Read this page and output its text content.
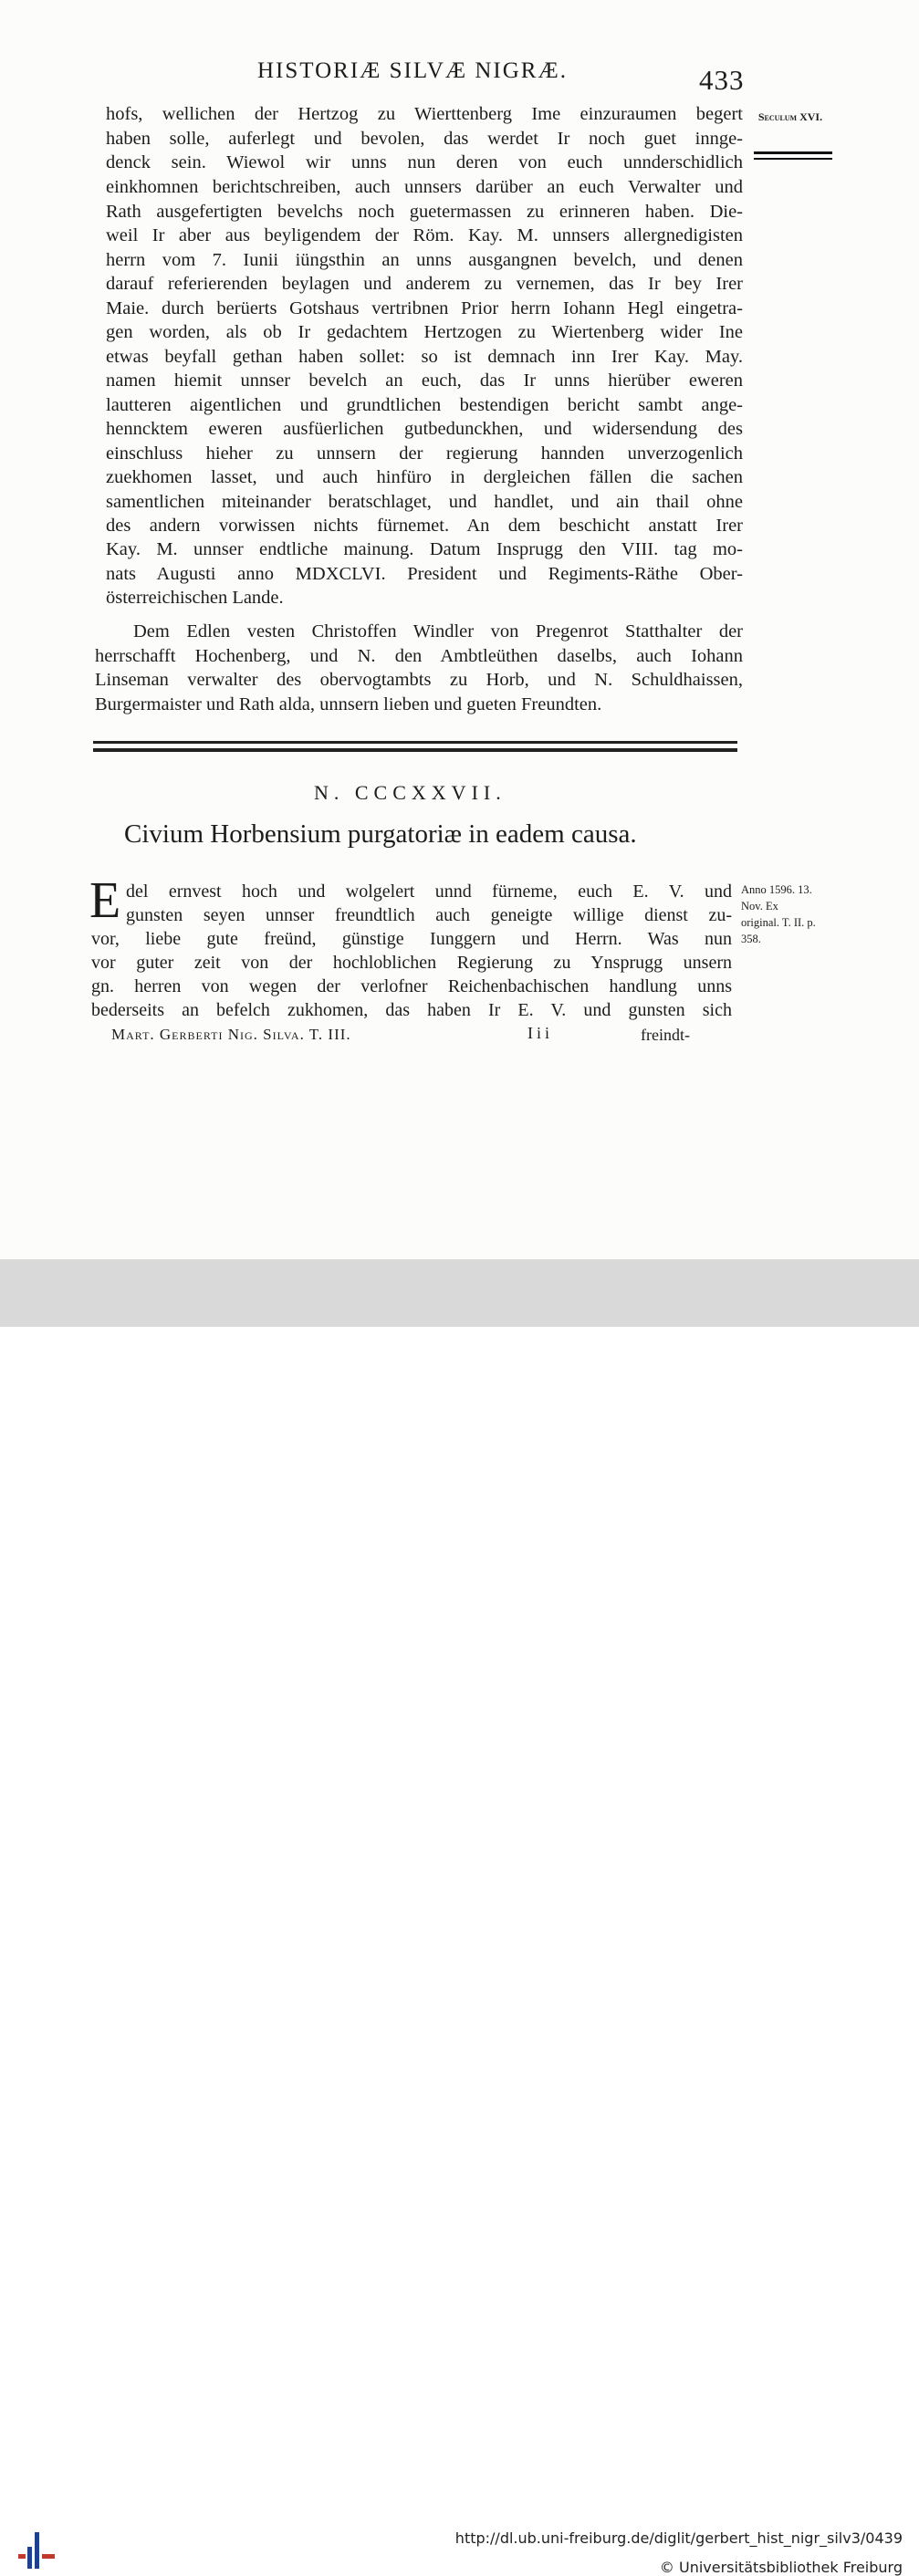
HISTORIÆ SILVÆ NIGRÆ.	433
Seculum XVI.
hofs, wellichen der Hertzog zu Wierttenberg Ime einzuraumen begert
haben solle, auferlegt und bevolen, das werdet Ir noch guet innge-
denck sein. Wiewol wir unns nun deren von euch unnderschidlich
einkhomnen berichtschreiben, auch unnsers darüber an euch Verwalter und
Rath ausgefertigten bevelchs noch guetermassen zu erinneren haben. Die-
weil Ir aber aus beyligendem der Röm. Kay. M. unnsers allergnedigisten
herrn vom 7. Iunii iüngsthin an unns ausgangnen bevelch, und denen
darauf referierenden beylagen und anderem zu vernemen, das Ir bey Irer
Maie. durch berüerts Gotshaus vertribnen Prior herrn Iohann Hegl eingetra-
gen worden, als ob Ir gedachtem Hertzogen zu Wiertenberg wider Ine
etwas beyfall gethan haben sollet: so ist demnach inn Irer Kay. May.
namen hiemit unnser bevelch an euch, das Ir unns hierüber eweren
lautteren aigentlichen und grundtlichen bestendigen bericht sambt ange-
henncktem eweren ausfüerlichen gutbedunckhen, und widersendung des
einschluss hieher zu unnsern der regierung hannden unverzogenlich
zuekhomen lasset, und auch hinfüro in dergleichen fällen die sachen
samentlichen miteinander beratschlaget, und handlet, und ain thail ohne
des andern vorwissen nichts fürnemet. An dem beschicht anstatt Irer
Kay. M. unnser endtliche mainung. Datum Insprugg den VIII. tag mo-
nats Augusti anno MDXCLVI. President und Regiments-Räthe Ober-
österreichischen Lande.
Dem Edlen vesten Christoffen Windler von Pregenrot Statthalter der
herrschafft Hochenberg, und N. den Ambtleüthen daselbs, auch Iohann
Linseman verwalter des obervogtambts zu Horb, und N. Schuldhaissen,
Burgermaister und Rath alda, unnsern lieben und gueten Freundten.
N. CCCXXVII.
Civium Horbensium purgatoriæ in eadem causa.
E del ernvest hoch und wolgelert unnd fürneme, euch E. V. und
gunsten seyen unnser freundtlich auch geneigte willige dienst zu-
vor, liebe gute freünd, günstige Iunggern und Herrn. Was nun
vor guter zeit von der hochloblichen Regierung zu Ynsprugg unsern
gn. herren von wegen der verlofner Reichenbachischen handlung unns
bederseits an befelch zukhomen, das haben Ir E. V. und gunsten sich
Anno 1596. 13. Nov. Ex original. T. II. p. 358.
Mart. Gerberti Nig. Silva. T. III.	Iii	freindt-
http://dl.ub.uni-freiburg.de/diglit/gerbert_hist_nigr_silv3/0439
© Universitätsbibliothek Freiburg
